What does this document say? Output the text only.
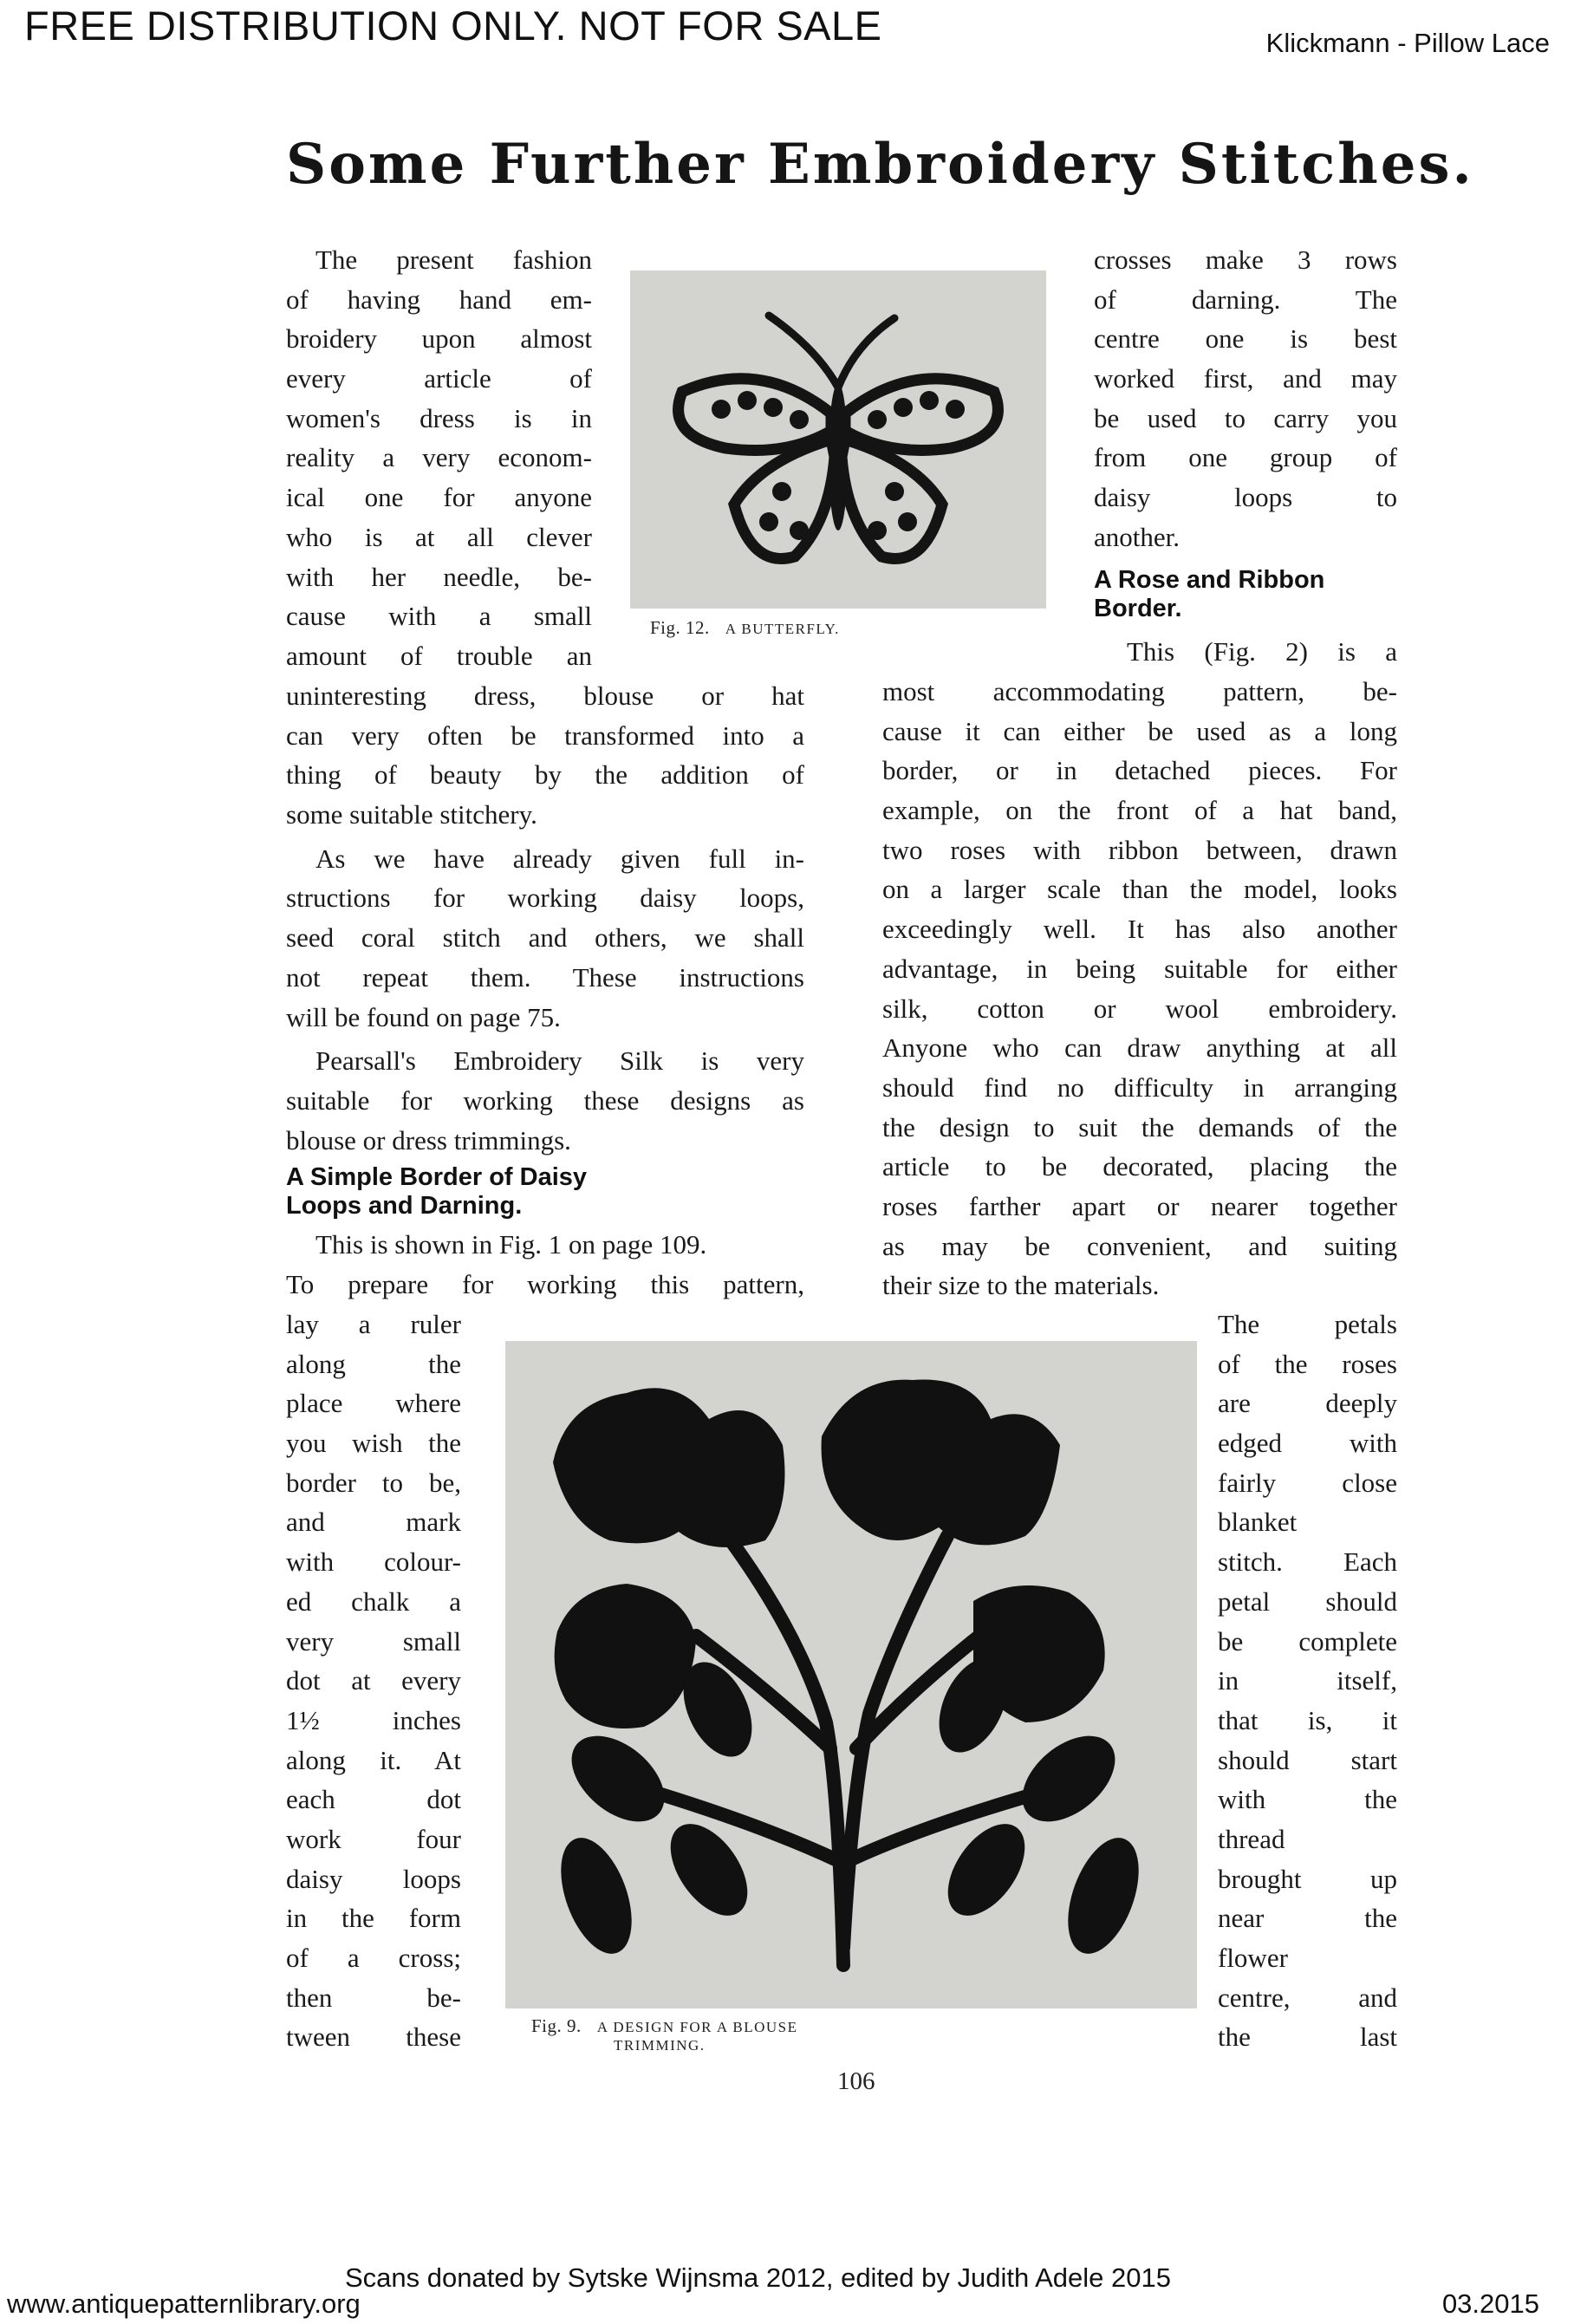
FREE DISTRIBUTION ONLY. NOT FOR SALE	Klickmann - Pillow Lace
Some Further Embroidery Stitches.
Fig. 12. A BUTTERFLY.
The present fashion
of having hand em-
broidery upon almost
every article of
women's dress is in
reality a very econom-
ical one for anyone
who is at all clever
with her needle, be-
cause with a small
amount of trouble an
uninteresting dress, blouse or hat
can very often be transformed into a
thing of beauty by the addition of
some suitable stitchery.
As we have already given full in-
structions for working daisy loops,
seed coral stitch and others, we shall
not repeat them. These instructions
will be found on page 75.
Pearsall's Embroidery Silk is very
suitable for working these designs as
blouse or dress trimmings.
A Simple Border of Daisy
Loops and Darning.
This is shown in Fig. 1 on page 109.
To prepare for working this pattern,
lay a ruler
along the
place where
you wish the
border to be,
and mark
with colour-
ed chalk a
very small
dot at every
1½ inches
along it. At
each dot
work four
daisy loops
in the form
of a cross;
then be-
tween these
crosses make 3 rows
of darning. The
centre one is best
worked first, and may
be used to carry you
from one group of
daisy loops to
another.
A Rose and Ribbon
Border.
This (Fig. 2) is a
most accommodating pattern, be-
cause it can either be used as a long
border, or in detached pieces. For
example, on the front of a hat band,
two roses with ribbon between, drawn
on a larger scale than the model, looks
exceedingly well. It has also another
advantage, in being suitable for either
silk, cotton or wool embroidery.
Anyone who can draw anything at all
should find no difficulty in arranging
the design to suit the demands of the
article to be decorated, placing the
roses farther apart or nearer together
as may be convenient, and suiting
their size to the materials.
The petals
of the roses
are deeply
edged with
fairly close
blanket
stitch. Each
petal should
be complete
in itself,
that is, it
should start
with the
thread
brought up
near the
flower
centre, and
the last
Fig. 9. A DESIGN FOR A BLOUSE
TRIMMING.
106
Scans donated by Sytske Wijnsma 2012, edited by Judith Adele 2015
www.antiquepatternlibrary.org	03.2015
